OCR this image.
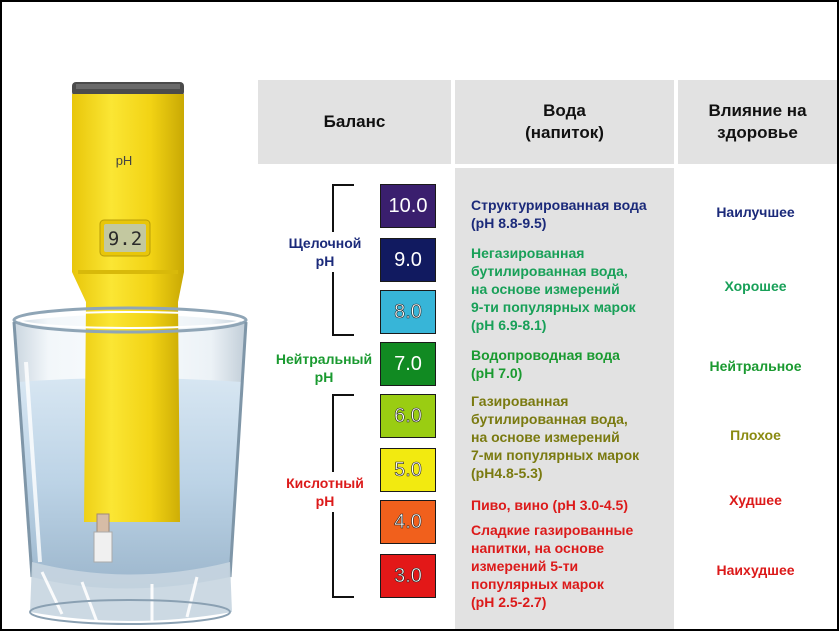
9.2
pH
Баланс
Вода
(напиток)
Влияние на
здоровье
Щелочной
pH
Нейтральный
pH
Кислотный
pH
10.0
9.0
8.0
7.0
6.0
5.0
4.0
3.0
Структурированная вода
(pH 8.8-9.5)
Негазированная
бутилированная вода,
на основе измерений
9-ти популярных марок
(pH 6.9-8.1)
Водопроводная вода
(pH 7.0)
Газированная
бутилированная вода,
на основе измерений
7-ми популярных марок
(pH4.8-5.3)
Пиво, вино (pH 3.0-4.5)
Сладкие газированные
напитки, на основе
измерений 5-ти
популярных марок
(pH 2.5-2.7)
Наилучшее
Хорошее
Нейтральное
Плохое
Худшее
Наихудшее
